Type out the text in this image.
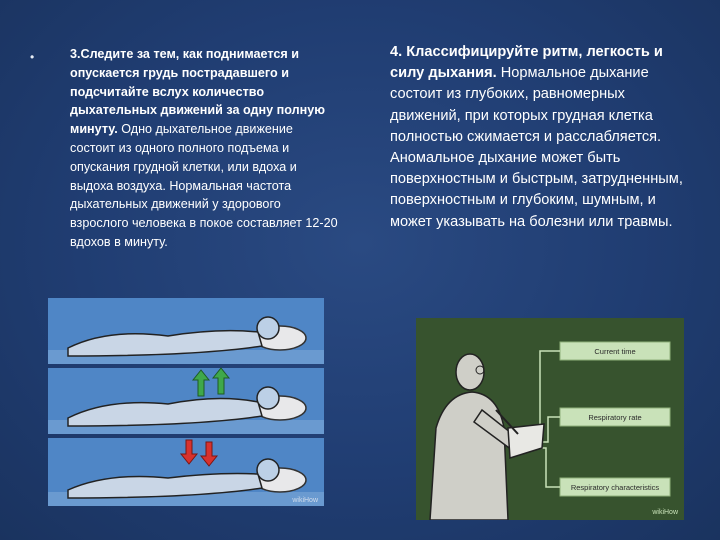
•	3.Следите за тем, как поднимается и опускается грудь пострадавшего и подсчитайте вслух количество дыхательных движений за одну полную минуту. Одно дыхательное движение состоит из одного полного подъема и опускания грудной клетки, или вдоха и выдоха воздуха. Нормальная частота дыхательных движений у здорового взрослого человека в покое составляет 12-20 вдохов в минуту.
4. Классифицируйте ритм, легкость и силу дыхания. Нормальное дыхание состоит из глубоких, равномерных движений, при которых грудная клетка полностью сжимается и расслабляется. Аномальное дыхание может быть поверхностным и быстрым, затрудненным, поверхностным и глубоким, шумным, и может указывать на болезни или травмы.
wikiHow
Current time
Respiratory rate
Respiratory characteristics
wikiHow
